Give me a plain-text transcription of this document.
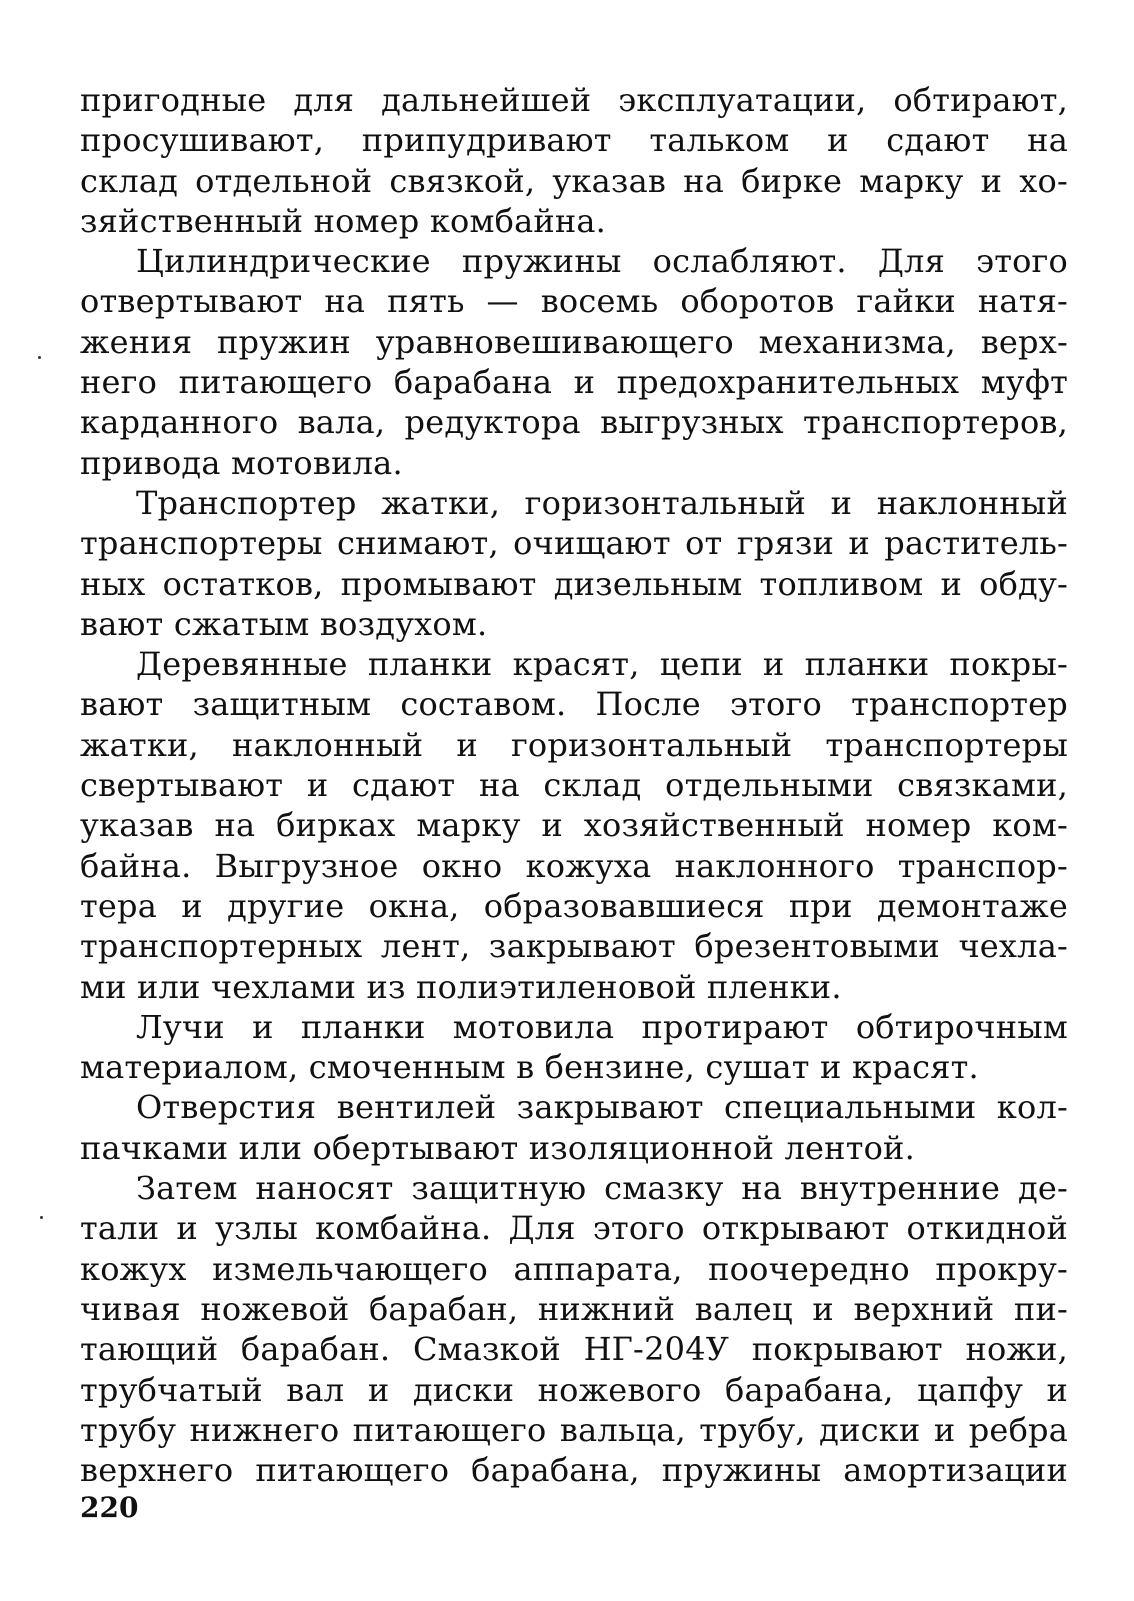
пригодные для дальнейшей эксплуатации, обтирают,
просушивают, припудривают тальком и сдают на
склад отдельной связкой, указав на бирке марку и хо-
зяйственный номер комбайна.
Цилиндрические пружины ослабляют. Для этого
отвертывают на пять — восемь оборотов гайки натя-
жения пружин уравновешивающего механизма, верх-
него питающего барабана и предохранительных муфт
карданного вала, редуктора выгрузных транспортеров,
привода мотовила.
Транспортер жатки, горизонтальный и наклонный
транспортеры снимают, очищают от грязи и раститель-
ных остатков, промывают дизельным топливом и обду-
вают сжатым воздухом.
Деревянные планки красят, цепи и планки покры-
вают защитным составом. После этого транспортер
жатки, наклонный и горизонтальный транспортеры
свертывают и сдают на склад отдельными связками,
указав на бирках марку и хозяйственный номер ком-
байна. Выгрузное окно кожуха наклонного транспор-
тера и другие окна, образовавшиеся при демонтаже
транспортерных лент, закрывают брезентовыми чехла-
ми или чехлами из полиэтиленовой пленки.
Лучи и планки мотовила протирают обтирочным
материалом, смоченным в бензине, сушат и красят.
Отверстия вентилей закрывают специальными кол-
пачками или обертывают изоляционной лентой.
Затем наносят защитную смазку на внутренние де-
тали и узлы комбайна. Для этого открывают откидной
кожух измельчающего аппарата, поочередно прокру-
чивая ножевой барабан, нижний валец и верхний пи-
тающий барабан. Смазкой НГ-204У покрывают ножи,
трубчатый вал и диски ножевого барабана, цапфу и
трубу нижнего питающего вальца, трубу, диски и ребра
верхнего питающего барабана, пружины амортизации
220
